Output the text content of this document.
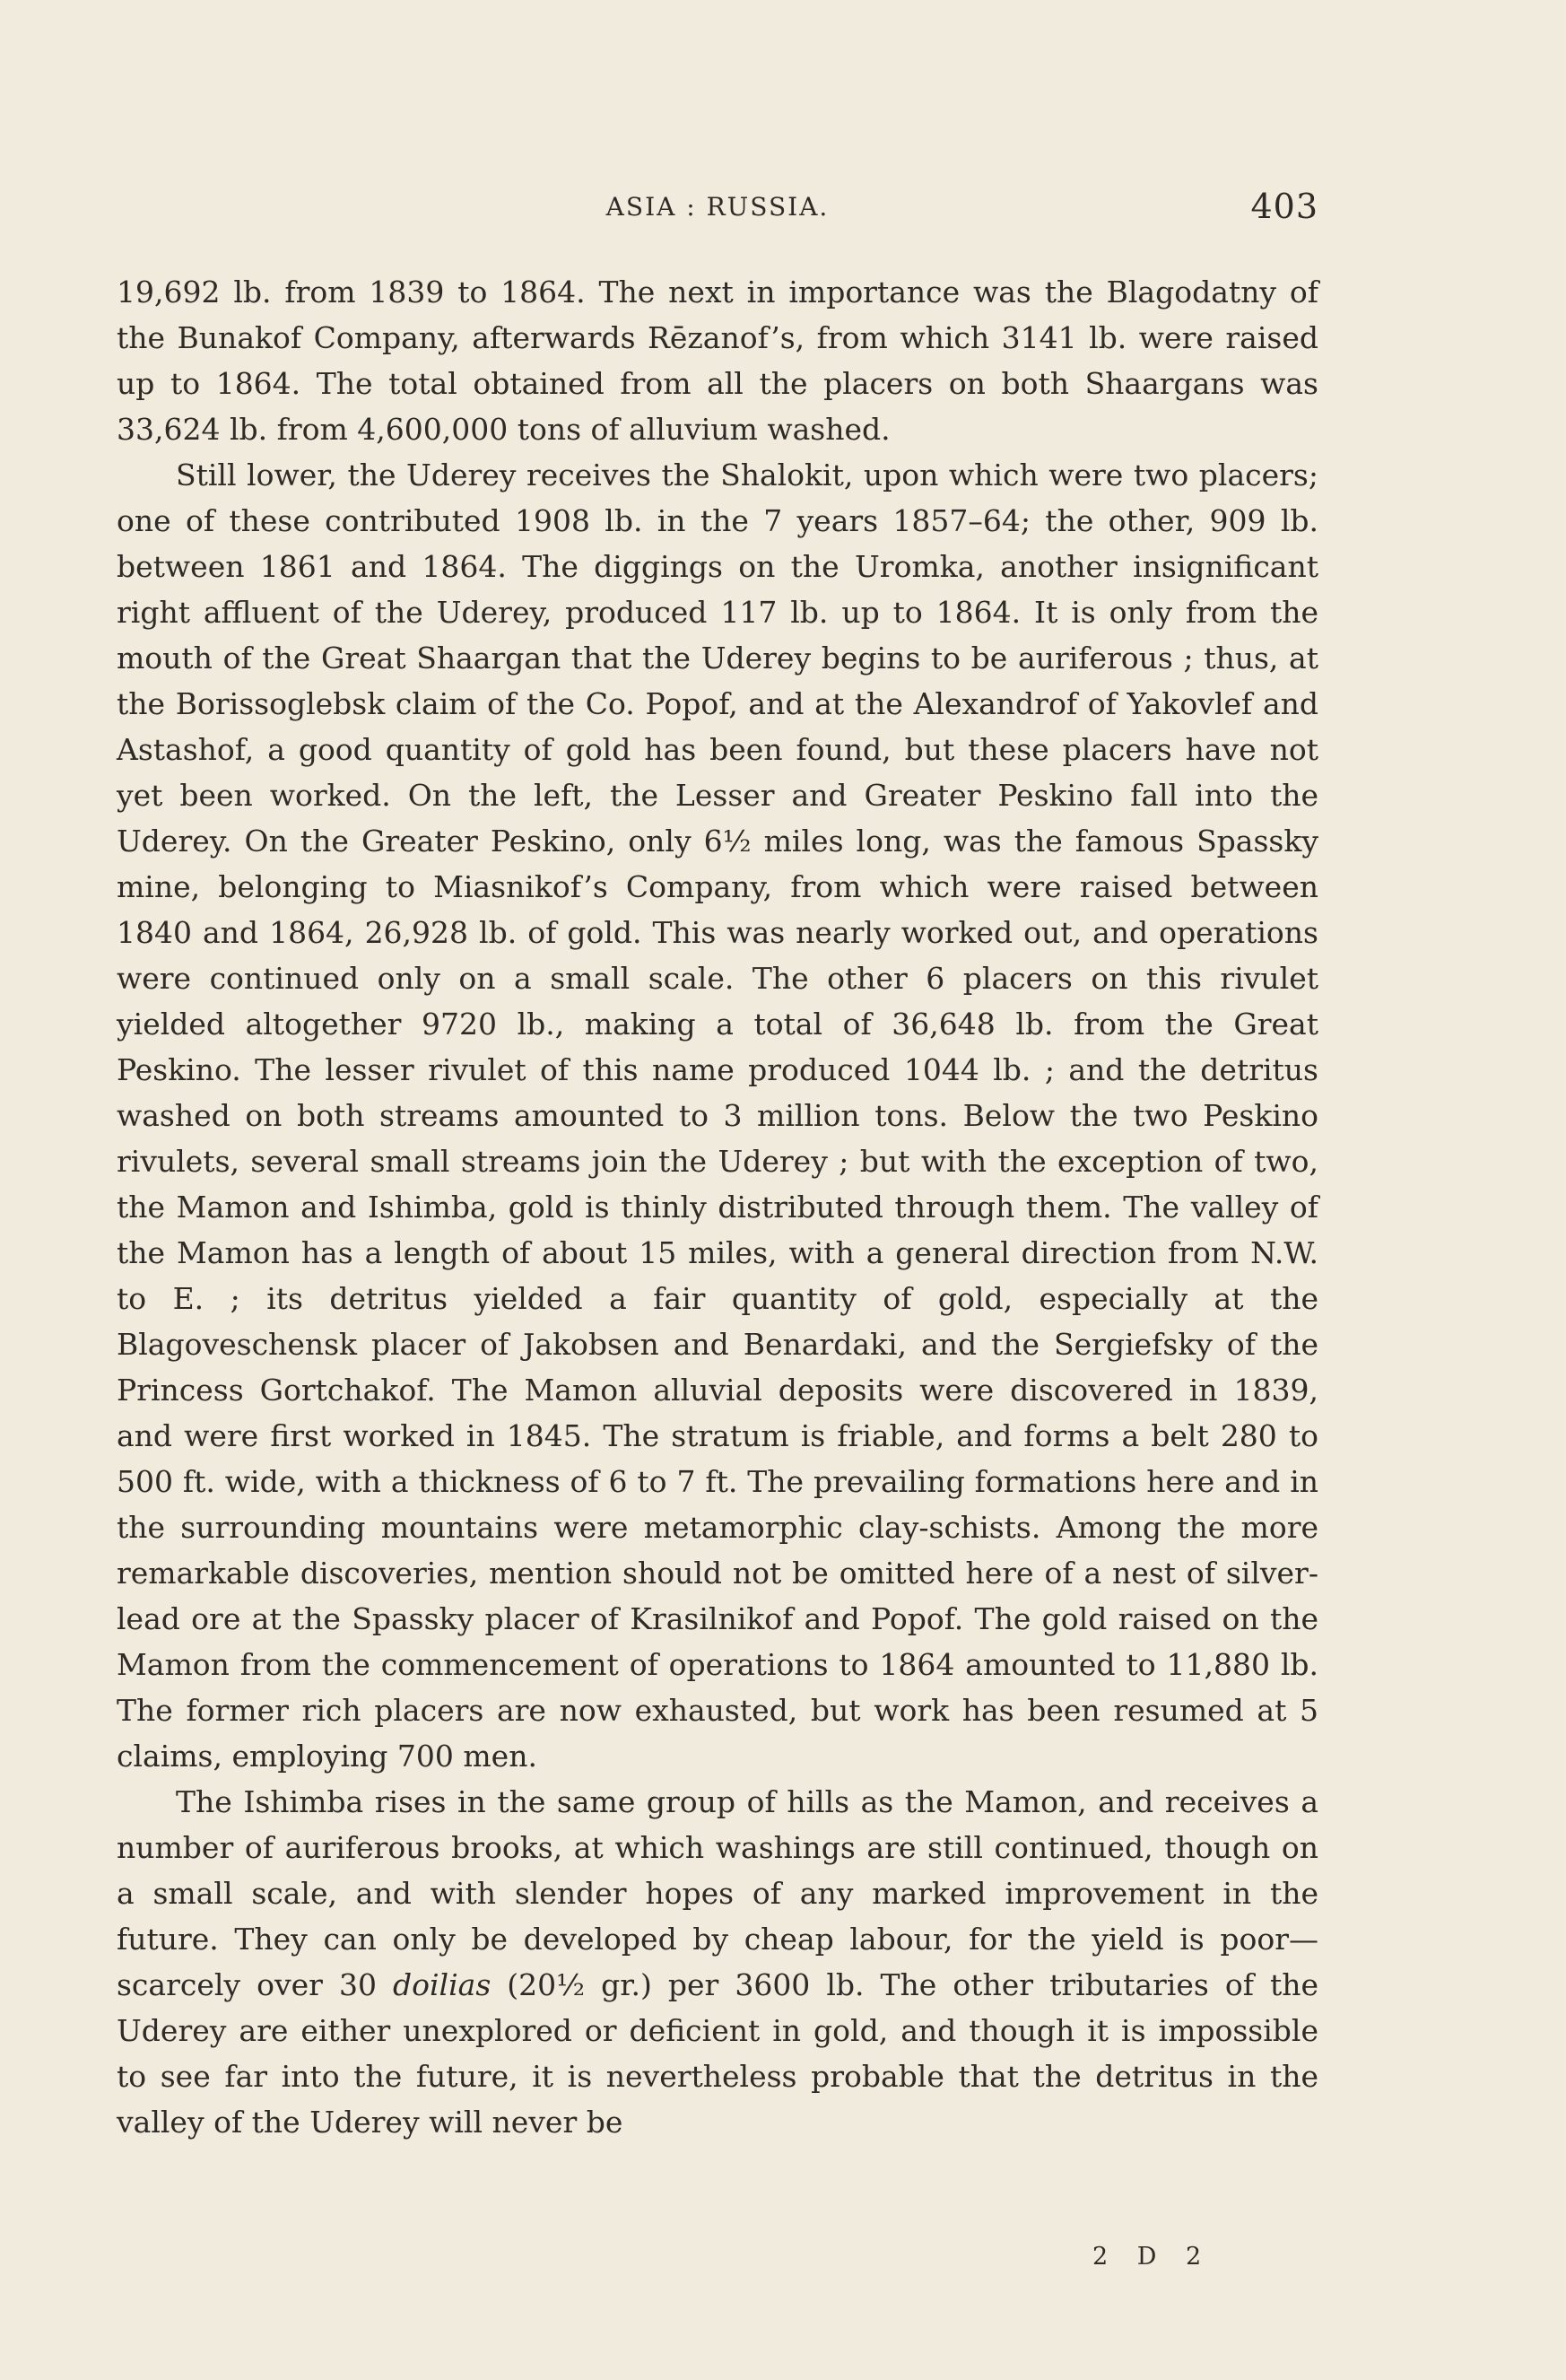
ASIA : RUSSIA.	403

19,692 lb. from 1839 to 1864. The next in importance was the Blagodatny of the Bunakof Company, afterwards Rēzanof’s, from which 3141 lb. were raised up to 1864. The total obtained from all the placers on both Shaargans was 33,624 lb. from 4,600,000 tons of alluvium washed.

Still lower, the Uderey receives the Shalokit, upon which were two placers; one of these contributed 1908 lb. in the 7 years 1857–64; the other, 909 lb. between 1861 and 1864. The diggings on the Uromka, another insignificant right affluent of the Uderey, produced 117 lb. up to 1864. It is only from the mouth of the Great Shaargan that the Uderey begins to be auriferous ; thus, at the Borissoglebsk claim of the Co. Popof, and at the Alexandrof of Yakovlef and Astashof, a good quantity of gold has been found, but these placers have not yet been worked. On the left, the Lesser and Greater Peskino fall into the Uderey. On the Greater Peskino, only 6½ miles long, was the famous Spassky mine, belonging to Miasnikof’s Company, from which were raised between 1840 and 1864, 26,928 lb. of gold. This was nearly worked out, and operations were continued only on a small scale. The other 6 placers on this rivulet yielded altogether 9720 lb., making a total of 36,648 lb. from the Great Peskino. The lesser rivulet of this name produced 1044 lb. ; and the detritus washed on both streams amounted to 3 million tons. Below the two Peskino rivulets, several small streams join the Uderey ; but with the exception of two, the Mamon and Ishimba, gold is thinly distributed through them. The valley of the Mamon has a length of about 15 miles, with a general direction from N.W. to E. ; its detritus yielded a fair quantity of gold, especially at the Blagoveschensk placer of Jakobsen and Benardaki, and the Sergiefsky of the Princess Gortchakof. The Mamon alluvial deposits were discovered in 1839, and were first worked in 1845. The stratum is friable, and forms a belt 280 to 500 ft. wide, with a thickness of 6 to 7 ft. The prevailing formations here and in the surrounding mountains were metamorphic clay-schists. Among the more remarkable discoveries, mention should not be omitted here of a nest of silver-lead ore at the Spassky placer of Krasilnikof and Popof. The gold raised on the Mamon from the commencement of operations to 1864 amounted to 11,880 lb. The former rich placers are now exhausted, but work has been resumed at 5 claims, employing 700 men.

The Ishimba rises in the same group of hills as the Mamon, and receives a number of auriferous brooks, at which washings are still continued, though on a small scale, and with slender hopes of any marked improvement in the future. They can only be developed by cheap labour, for the yield is poor—scarcely over 30 doilias (20½ gr.) per 3600 lb. The other tributaries of the Uderey are either unexplored or deficient in gold, and though it is impossible to see far into the future, it is nevertheless probable that the detritus in the valley of the Uderey will never be

2 D 2
